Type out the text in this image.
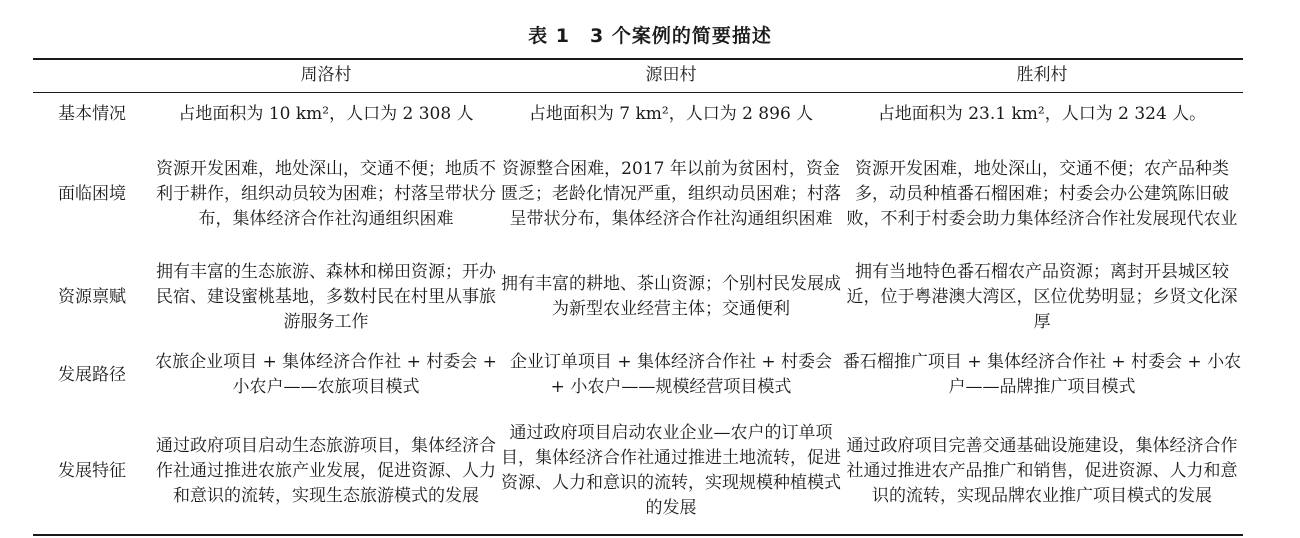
表 1　3 个案例的简要描述
	周洛村	源田村	胜利村
基本情况	占地面积为 10 km²，人口为 2 308 人	占地面积为 7 km²，人口为 2 896 人	占地面积为 23.1 km²，人口为 2 324 人。
面临困境	资源开发困难，地处深山，交通不便；地质不利于耕作，组织动员较为困难；村落呈带状分布，集体经济合作社沟通组织困难	资源整合困难，2017 年以前为贫困村，资金匮乏；老龄化情况严重，组织动员困难；村落呈带状分布，集体经济合作社沟通组织困难	资源开发困难，地处深山，交通不便；农产品种类多，动员种植番石榴困难；村委会办公建筑陈旧破败，不利于村委会助力集体经济合作社发展现代农业
资源禀赋	拥有丰富的生态旅游、森林和梯田资源；开办民宿、建设蜜桃基地，多数村民在村里从事旅游服务工作	拥有丰富的耕地、茶山资源；个别村民发展成为新型农业经营主体；交通便利	拥有当地特色番石榴农产品资源；离封开县城区较近，位于粤港澳大湾区，区位优势明显；乡贤文化深厚
发展路径	农旅企业项目 + 集体经济合作社 + 村委会 + 小农户——农旅项目模式	企业订单项目 + 集体经济合作社 + 村委会 + 小农户——规模经营项目模式	番石榴推广项目 + 集体经济合作社 + 村委会 + 小农户——品牌推广项目模式
发展特征	通过政府项目启动生态旅游项目，集体经济合作社通过推进农旅产业发展，促进资源、人力和意识的流转，实现生态旅游模式的发展	通过政府项目启动农业企业—农户的订单项目，集体经济合作社通过推进土地流转，促进资源、人力和意识的流转，实现规模种植模式的发展	通过政府项目完善交通基础设施建设，集体经济合作社通过推进农产品推广和销售，促进资源、人力和意识的流转，实现品牌农业推广项目模式的发展
